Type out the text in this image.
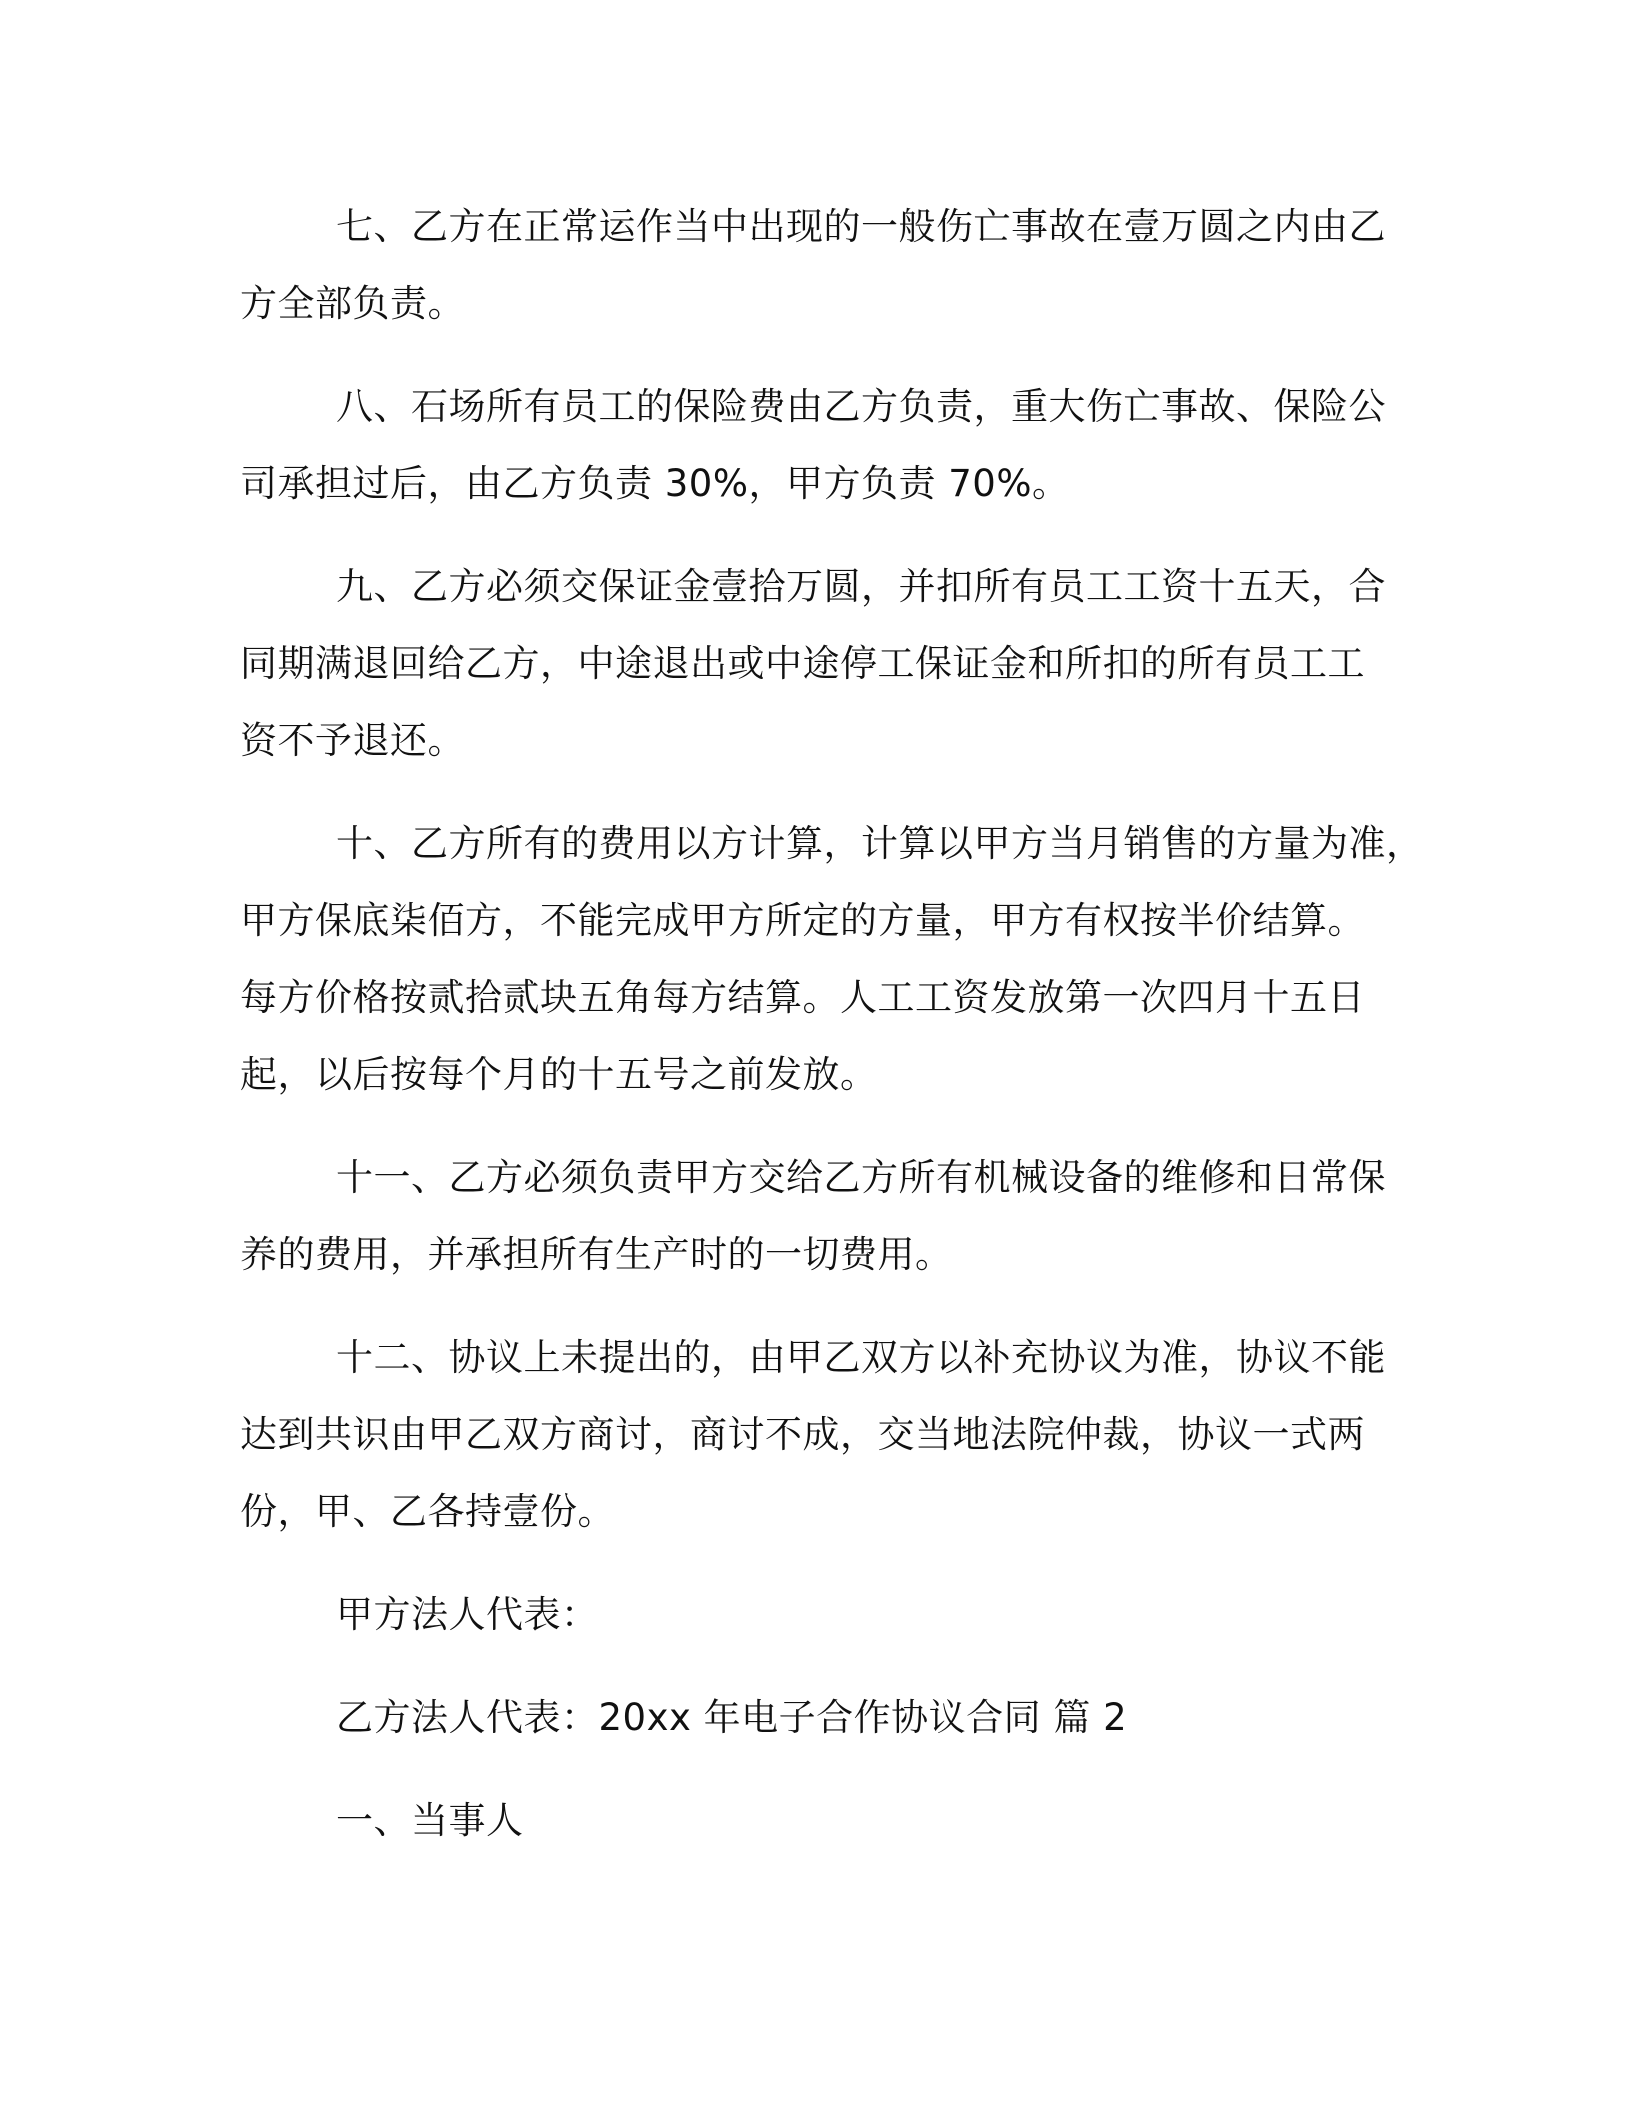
七、乙方在正常运作当中出现的一般伤亡事故在壹万圆之内由乙
方全部负责。
八、石场所有员工的保险费由乙方负责，重大伤亡事故、保险公
司承担过后，由乙方负责 30%，甲方负责 70%。
九、乙方必须交保证金壹拾万圆，并扣所有员工工资十五天，合
同期满退回给乙方，中途退出或中途停工保证金和所扣的所有员工工
资不予退还。
十、乙方所有的费用以方计算，计算以甲方当月销售的方量为准，
甲方保底柒佰方，不能完成甲方所定的方量，甲方有权按半价结算。
每方价格按贰拾贰块五角每方结算。人工工资发放第一次四月十五日
起，以后按每个月的十五号之前发放。
十一、乙方必须负责甲方交给乙方所有机械设备的维修和日常保
养的费用，并承担所有生产时的一切费用。
十二、协议上未提出的，由甲乙双方以补充协议为准，协议不能
达到共识由甲乙双方商讨，商讨不成，交当地法院仲裁，协议一式两
份，甲、乙各持壹份。
甲方法人代表：
乙方法人代表：20xx 年电子合作协议合同 篇 2
一、当事人
